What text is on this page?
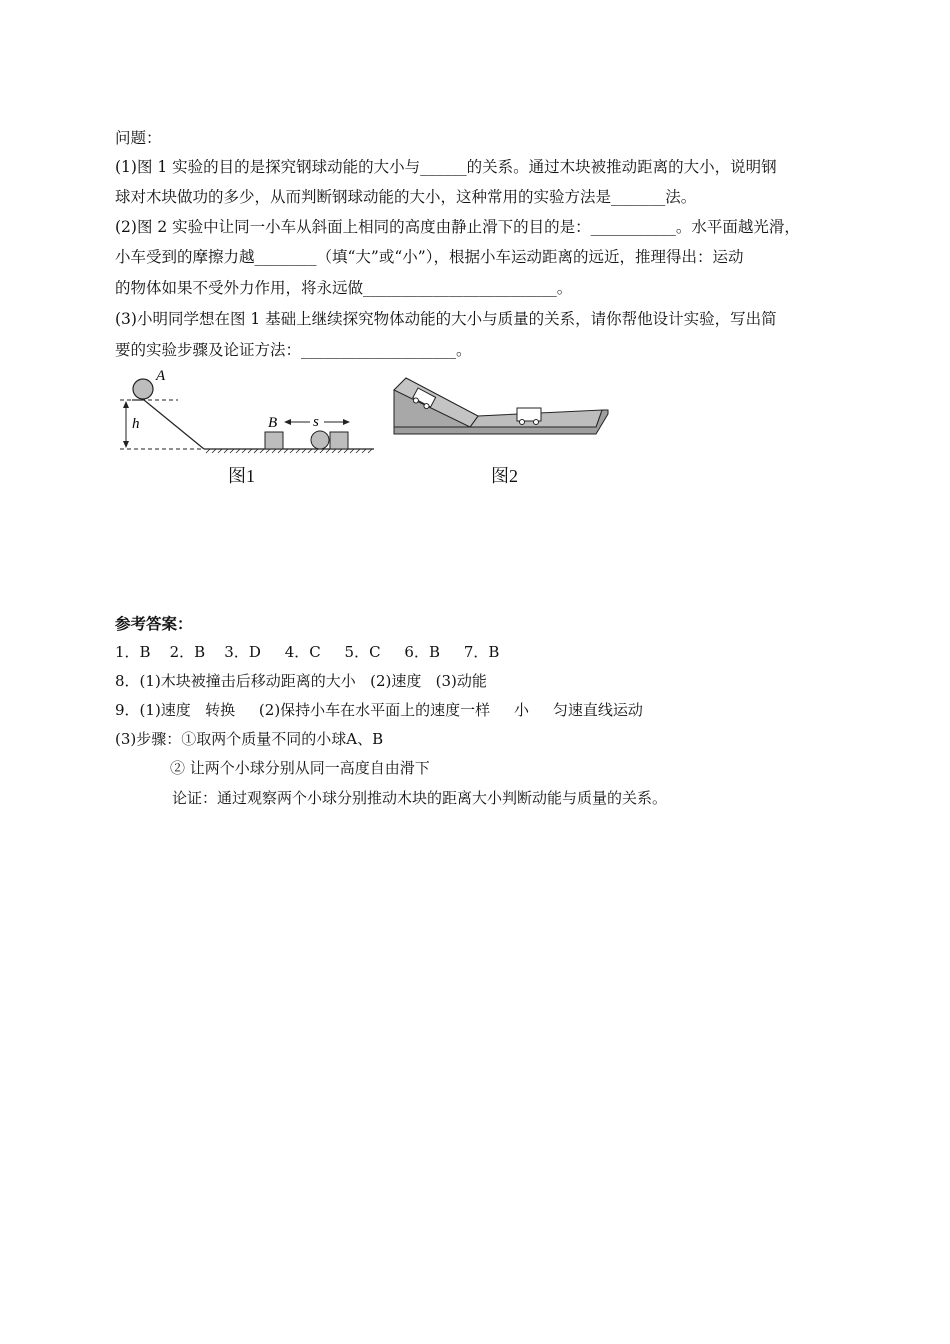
问题：
(1)图 1 实验的目的是探究钢球动能的大小与______的关系。通过木块被推动距离的大小，说明钢
球对木块做功的多少，从而判断钢球动能的大小，这种常用的实验方法是_______法。
(2)图 2 实验中让同一小车从斜面上相同的高度由静止滑下的目的是：___________。水平面越光滑，
小车受到的摩擦力越________（填“大”或“小”），根据小车运动距离的远近，推理得出：运动
的物体如果不受外力作用，将永远做_________________________。
(3)小明同学想在图 1 基础上继续探究物体动能的大小与质量的关系，请你帮他设计实验，写出简
要的实验步骤及论证方法：____________________。
A
h	B s
图1	图2
参考答案：
1．B    2．B    3．D     4．C     5．C     6．B     7．B
8．(1)木块被撞击后移动距离的大小   (2)速度   (3)动能
9．(1)速度   转换     (2)保持小车在水平面上的速度一样     小     匀速直线运动
(3)步骤：①取两个质量不同的小球A、B
② 让两个小球分别从同一高度自由滑下
论证：通过观察两个小球分别推动木块的距离大小判断动能与质量的关系。
